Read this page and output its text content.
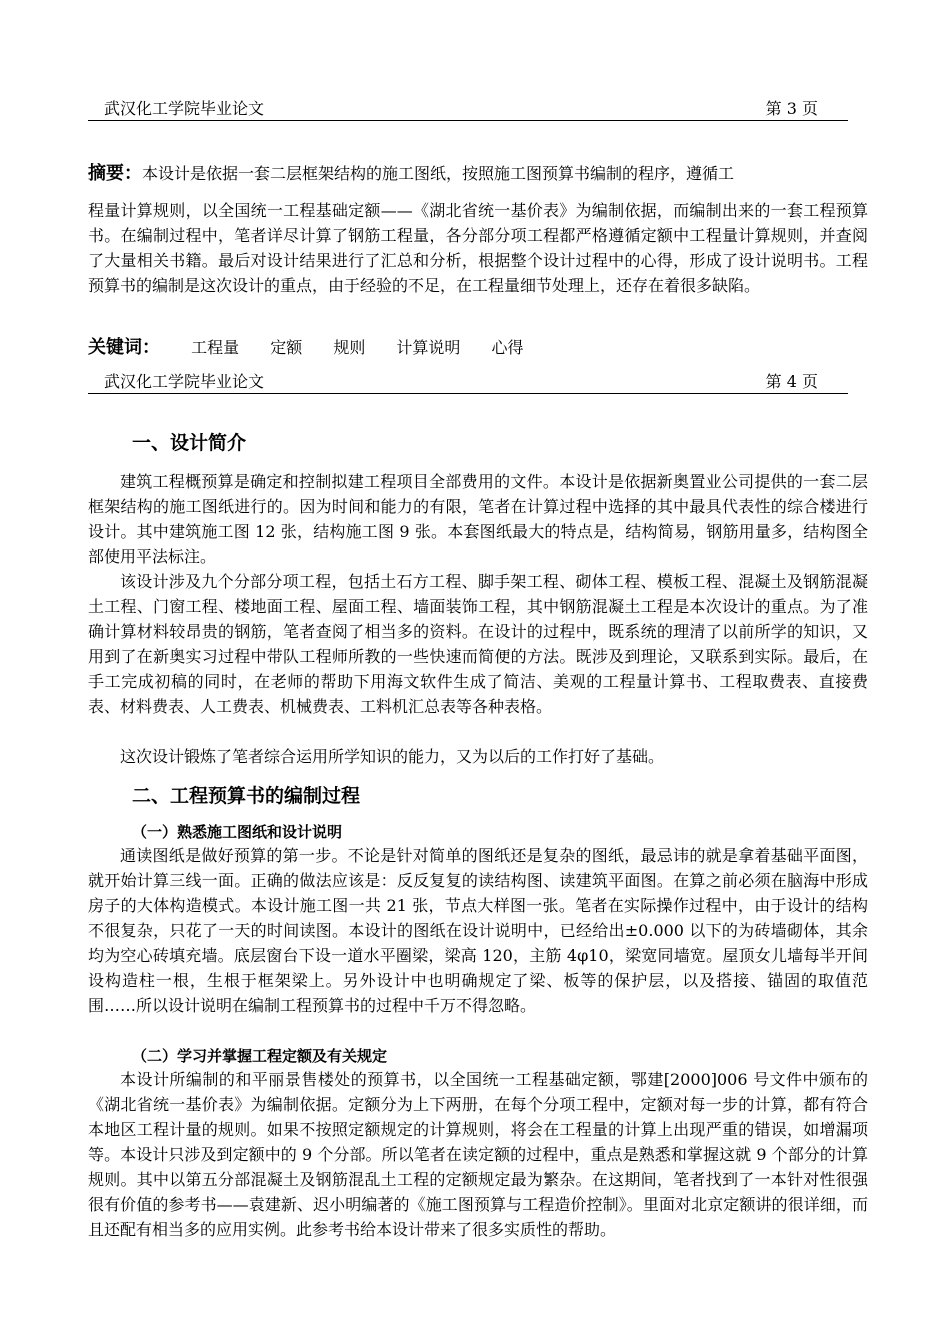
武汉化工学院毕业论文	第 3 页
摘要：本设计是依据一套二层框架结构的施工图纸，按照施工图预算书编制的程序，遵循工
程量计算规则，以全国统一工程基础定额——《湖北省统一基价表》为编制依据，而编制出来的一套工程预算书。在编制过程中，笔者详尽计算了钢筋工程量，各分部分项工程都严格遵循定额中工程量计算规则，并查阅了大量相关书籍。最后对设计结果进行了汇总和分析，根据整个设计过程中的心得，形成了设计说明书。工程预算书的编制是这次设计的重点，由于经验的不足，在工程量细节处理上，还存在着很多缺陷。
关键词： 工程量 定额 规则 计算说明 心得
武汉化工学院毕业论文	第 4 页
一、设计简介
建筑工程概预算是确定和控制拟建工程项目全部费用的文件。本设计是依据新奥置业公司提供的一套二层框架结构的施工图纸进行的。因为时间和能力的有限，笔者在计算过程中选择的其中最具代表性的综合楼进行设计。其中建筑施工图 12 张，结构施工图 9 张。本套图纸最大的特点是，结构简易，钢筋用量多，结构图全部使用平法标注。
该设计涉及九个分部分项工程，包括土石方工程、脚手架工程、砌体工程、模板工程、混凝土及钢筋混凝土工程、门窗工程、楼地面工程、屋面工程、墙面装饰工程，其中钢筋混凝土工程是本次设计的重点。为了准确计算材料较昂贵的钢筋，笔者查阅了相当多的资料。在设计的过程中，既系统的理清了以前所学的知识，又用到了在新奥实习过程中带队工程师所教的一些快速而简便的方法。既涉及到理论，又联系到实际。最后，在手工完成初稿的同时，在老师的帮助下用海文软件生成了简洁、美观的工程量计算书、工程取费表、直接费表、材料费表、人工费表、机械费表、工料机汇总表等各种表格。
这次设计锻炼了笔者综合运用所学知识的能力，又为以后的工作打好了基础。
二、工程预算书的编制过程
（一）熟悉施工图纸和设计说明
通读图纸是做好预算的第一步。不论是针对简单的图纸还是复杂的图纸，最忌讳的就是拿着基础平面图，就开始计算三线一面。正确的做法应该是：反反复复的读结构图、读建筑平面图。在算之前必须在脑海中形成房子的大体构造模式。本设计施工图一共 21 张，节点大样图一张。笔者在实际操作过程中，由于设计的结构不很复杂，只花了一天的时间读图。本设计的图纸在设计说明中，已经给出±0.000 以下的为砖墙砌体，其余均为空心砖填充墙。底层窗台下设一道水平圈梁，梁高 120，主筋 4φ10，梁宽同墙宽。屋顶女儿墙每半开间设构造柱一根，生根于框架梁上。另外设计中也明确规定了梁、板等的保护层，以及搭接、锚固的取值范围……所以设计说明在编制工程预算书的过程中千万不得忽略。
（二）学习并掌握工程定额及有关规定
本设计所编制的和平丽景售楼处的预算书，以全国统一工程基础定额，鄂建[2000]006 号文件中颁布的《湖北省统一基价表》为编制依据。定额分为上下两册，在每个分项工程中，定额对每一步的计算，都有符合本地区工程计量的规则。如果不按照定额规定的计算规则，将会在工程量的计算上出现严重的错误，如增漏项等。本设计只涉及到定额中的 9 个分部。所以笔者在读定额的过程中，重点是熟悉和掌握这就 9 个部分的计算规则。其中以第五分部混凝土及钢筋混乱土工程的定额规定最为繁杂。在这期间，笔者找到了一本针对性很强很有价值的参考书——袁建新、迟小明编著的《施工图预算与工程造价控制》。里面对北京定额讲的很详细，而且还配有相当多的应用实例。此参考书给本设计带来了很多实质性的帮助。
